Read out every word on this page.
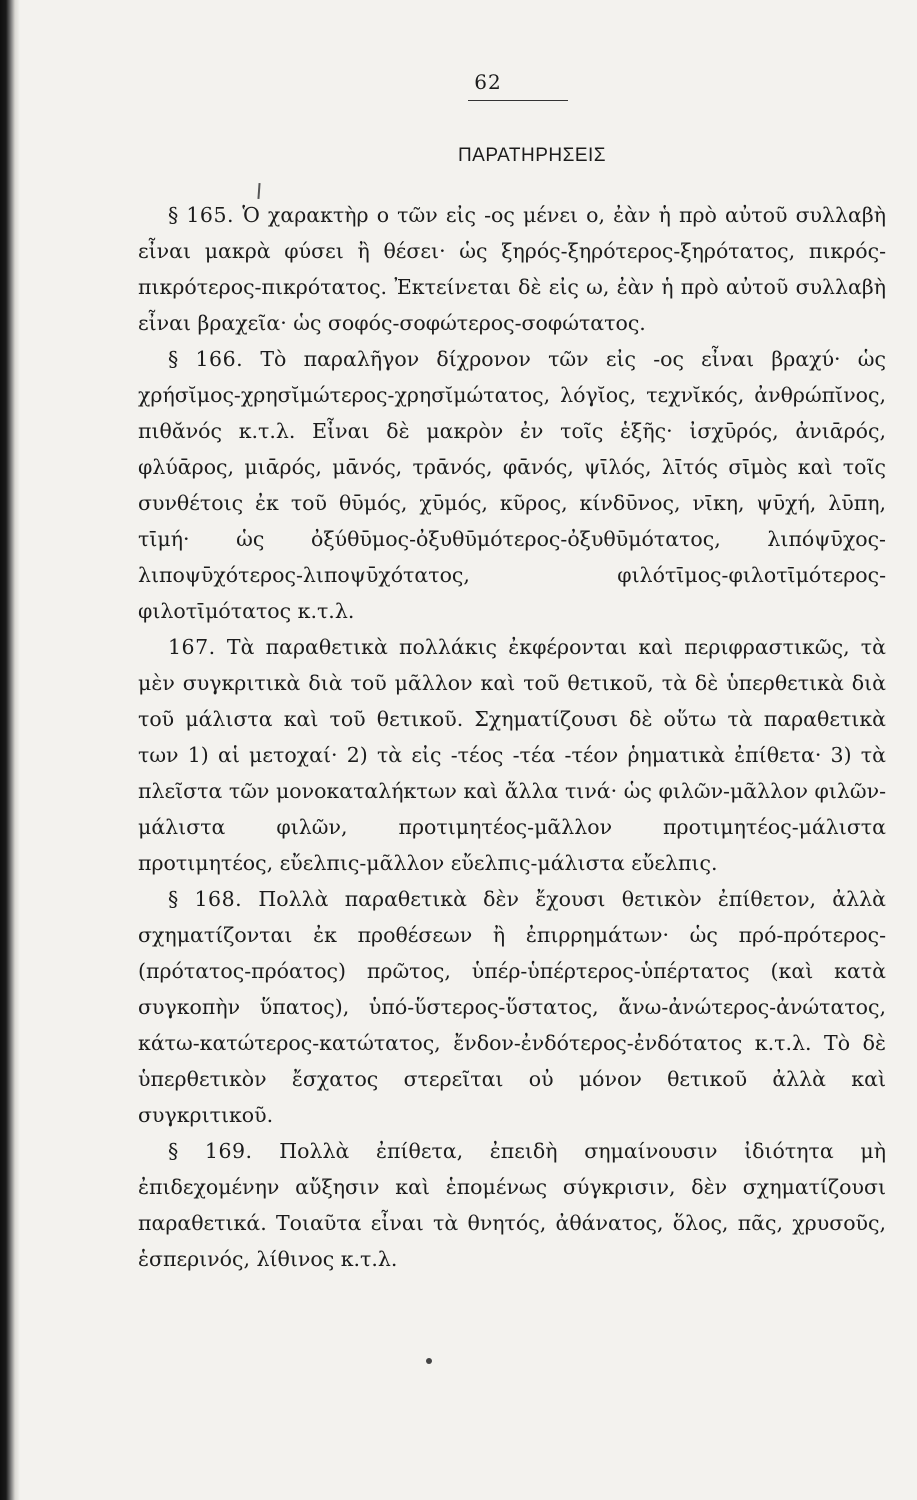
62
ΠΑΡΑΤΗΡΗΣΕΙΣ

§ 165. Ὁ χαρακτὴρ ο τῶν εἰς -ος μένει ο, ἐὰν ἡ πρὸ αὐτοῦ συλλαβὴ εἶναι μακρὰ φύσει ἢ θέσει· ὡς ξηρός-ξηρότερος-ξηρότατος, πικρός-πικρότερος-πικρότατος. Ἐκτείνεται δὲ εἰς ω, ἐὰν ἡ πρὸ αὐτοῦ συλλαβὴ εἶναι βραχεῖα· ὡς σοφός-σοφώτερος-σοφώτατος.

§ 166. Τὸ παραλῆγον δίχρονον τῶν εἰς -ος εἶναι βραχύ· ὡς χρήσῐμος-χρησῐμώτερος-χρησῐμώτατος, λόγῐος, τεχνῐκός, ἀνθρώπῐνος, πιθᾰνός κ.τ.λ. Εἶναι δὲ μακρὸν ἐν τοῖς ἑξῆς· ἰσχῡρός, ἀνιᾱρός, φλύᾱρος, μιᾱρός, μᾱνός, τρᾱνός, φᾱνός, ψῑλός, λῑτός σῑμὸς καὶ τοῖς συνθέτοις ἐκ τοῦ θῡμός, χῡμός, κῦρος, κίνδῡνος, νῑκη, ψῡχή, λῡπη, τῑμή· ὡς ὀξύθῡμος-ὀξυθῡμότερος-ὀξυθῡμότατος, λιπόψῡχος-λιποψῡχότερος-λιποψῡχότατος, φιλότῑμος-φιλοτῑμότερος-φιλοτῑμότατος κ.τ.λ.

167. Τὰ παραθετικὰ πολλάκις ἐκφέρονται καὶ περιφραστικῶς, τὰ μὲν συγκριτικὰ διὰ τοῦ μᾶλλον καὶ τοῦ θετικοῦ, τὰ δὲ ὑπερθετικὰ διὰ τοῦ μάλιστα καὶ τοῦ θετικοῦ. Σχηματίζουσι δὲ οὕτω τὰ παραθετικὰ των 1) αἱ μετοχαί· 2) τὰ εἰς -τέος -τέα -τέον ῥηματικὰ ἐπίθετα· 3) τὰ πλεῖστα τῶν μονοκαταλήκτων καὶ ἄλλα τινά· ὡς φιλῶν-μᾶλλον φιλῶν-μάλιστα φιλῶν, προτιμητέος-μᾶλλον προτιμητέος-μάλιστα προτιμητέος, εὔελπις-μᾶλλον εὔελπις-μάλιστα εὔελπις.

§ 168. Πολλὰ παραθετικὰ δὲν ἔχουσι θετικὸν ἐπίθετον, ἀλλὰ σχηματίζονται ἐκ προθέσεων ἢ ἐπιρρημάτων· ὡς πρό-πρότερος-(πρότατος-πρόατος) πρῶτος, ὑπέρ-ὑπέρτερος-ὑπέρτατος (καὶ κατὰ συγκοπὴν ὕπατος), ὑπό-ὕστερος-ὕστατος, ἄνω-ἀνώτερος-ἀνώτατος, κάτω-κατώτερος-κατώτατος, ἔνδον-ἐνδότερος-ἐνδότατος κ.τ.λ. Τὸ δὲ ὑπερθετικὸν ἔσχατος στερεῖται οὐ μόνον θετικοῦ ἀλλὰ καὶ συγκριτικοῦ.

§ 169. Πολλὰ ἐπίθετα, ἐπειδὴ σημαίνουσιν ἰδιότητα μὴ ἐπιδεχομένην αὔξησιν καὶ ἑπομένως σύγκρισιν, δὲν σχηματίζουσι παραθετικά. Τοιαῦτα εἶναι τὰ θνητός, ἀθάνατος, ὅλος, πᾶς, χρυσοῦς, ἑσπερινός, λίθινος κ.τ.λ.
